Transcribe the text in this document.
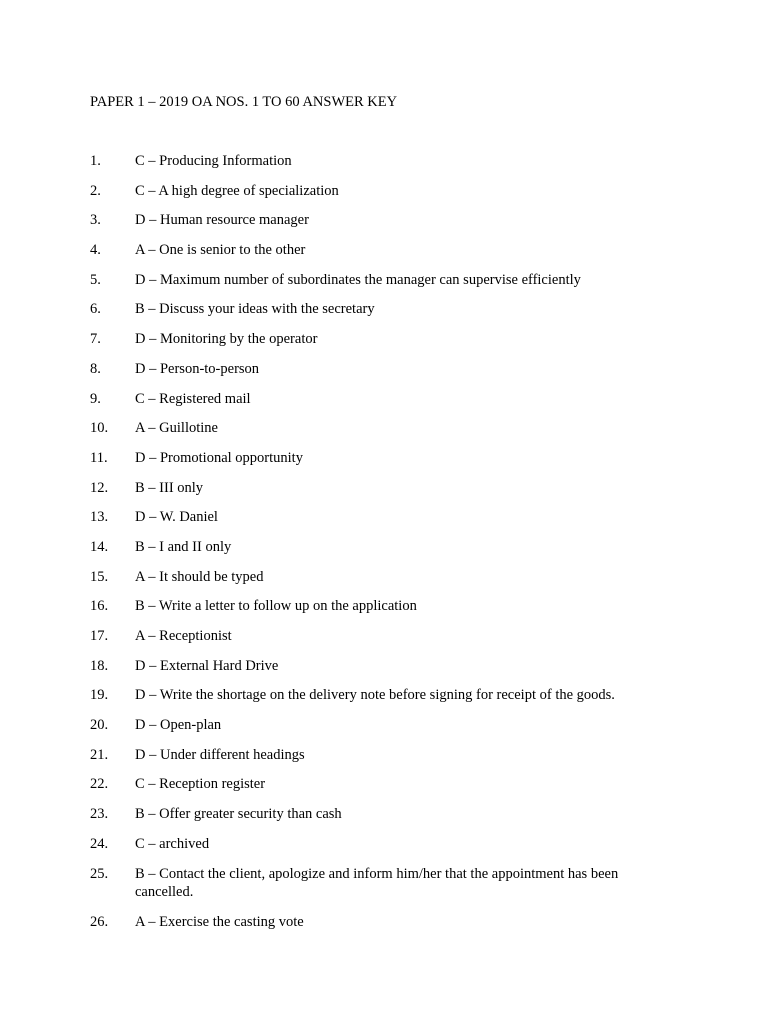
PAPER 1 – 2019 OA NOS. 1 TO 60 ANSWER KEY
1.	C – Producing Information
2.	C – A high degree of specialization
3.	D – Human resource manager
4.	A – One is senior to the other
5.	D – Maximum number of subordinates the manager can supervise efficiently
6.	B – Discuss your ideas with the secretary
7.	D – Monitoring by the operator
8.	D – Person-to-person
9.	C – Registered mail
10.	A – Guillotine
11.	D – Promotional opportunity
12.	B – III only
13.	D – W. Daniel
14.	B – I and II only
15.	A – It should be typed
16.	B – Write a letter to follow up on the application
17.	A – Receptionist
18.	D – External Hard Drive
19.	D – Write the shortage on the delivery note before signing for receipt of the goods.
20.	D – Open-plan
21.	D – Under different headings
22.	C – Reception register
23.	B – Offer greater security than cash
24.	C – archived
25.	B – Contact the client, apologize and inform him/her that the appointment has been cancelled.
26.	A – Exercise the casting vote
